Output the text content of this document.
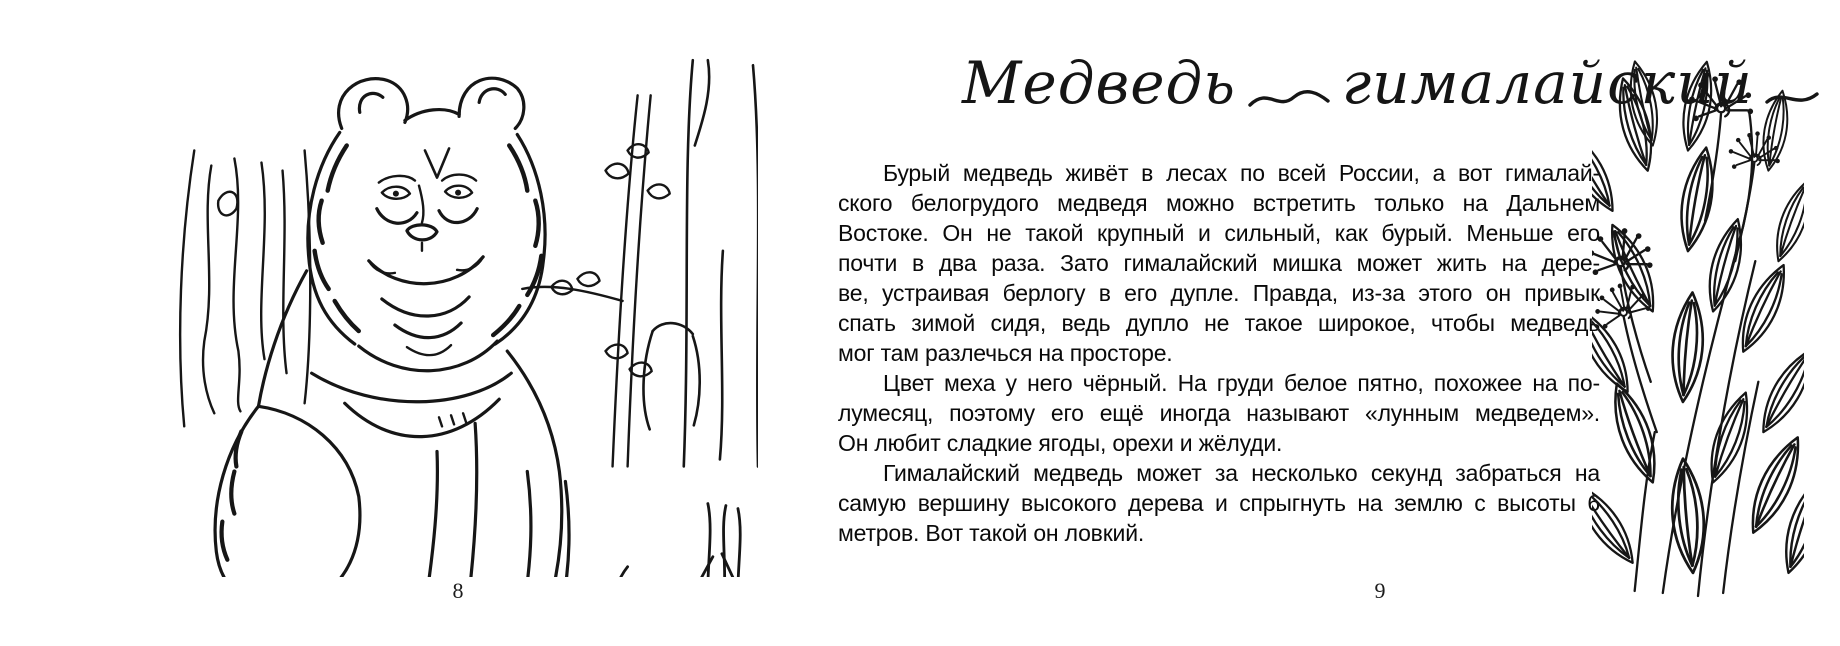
8
Медведь гималайский
Бурый медведь живёт в лесах по всей России, а вот гималай-
ского белогрудого медведя можно встретить только на Дальнем
Востоке. Он не такой крупный и сильный, как бурый. Меньше его
почти в два раза. Зато гималайский мишка может жить на дере-
ве, устраивая берлогу в его дупле. Правда, из-за этого он привык
спать зимой сидя, ведь дупло не такое широкое, чтобы медведь
мог там разлечься на просторе.
Цвет меха у него чёрный. На груди белое пятно, похожее на по-
лумесяц, поэтому его ещё иногда называют «лунным медведем».
Он любит сладкие ягоды, орехи и жёлуди.
Гималайский медведь может за несколько секунд забраться на
самую вершину высокого дерева и спрыгнуть на землю с высоты 6
метров. Вот такой он ловкий.
9
